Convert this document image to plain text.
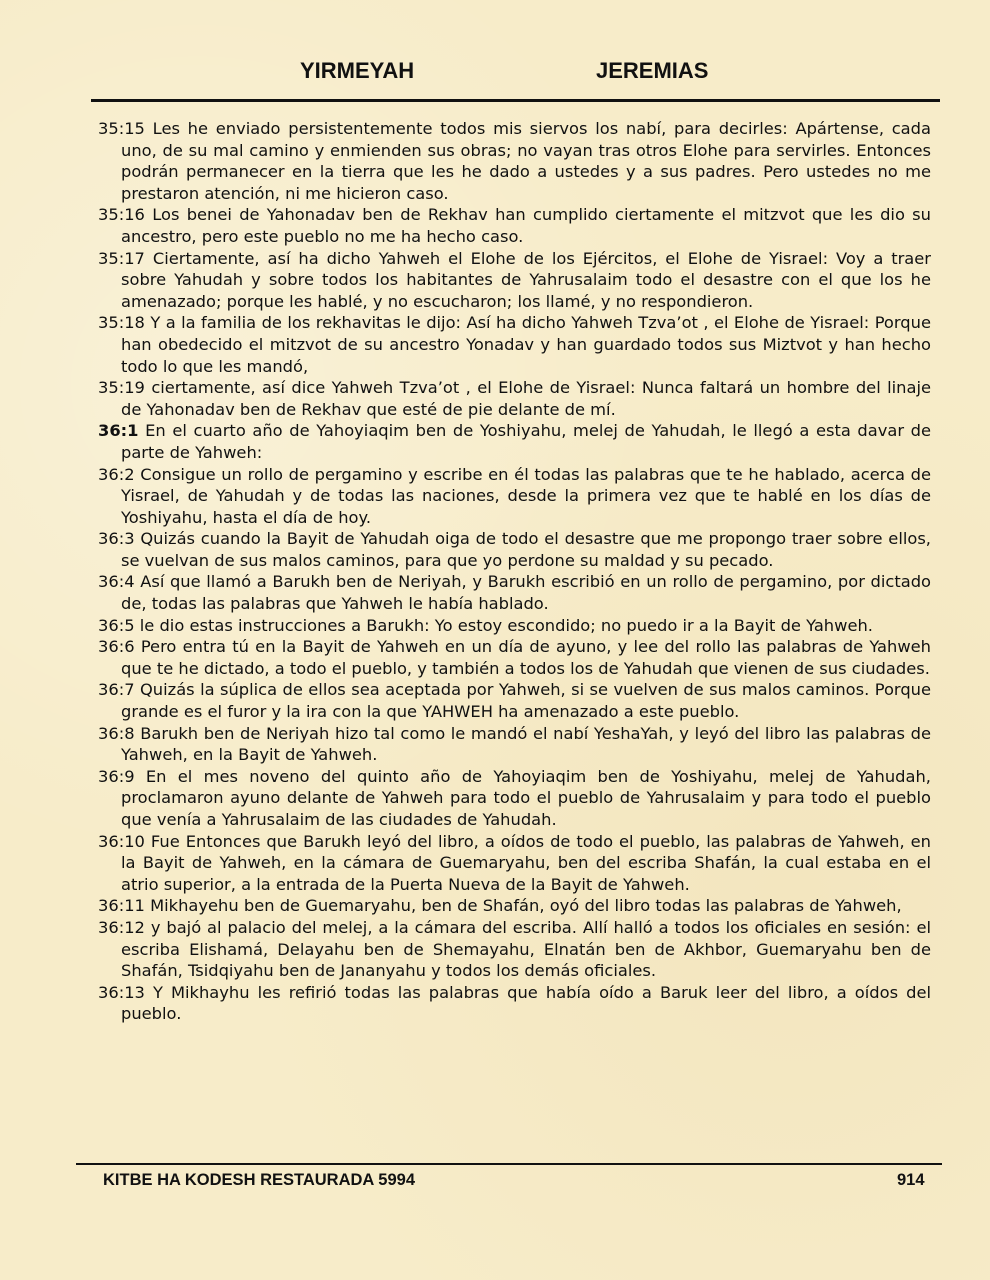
YIRMEYAH	JEREMIAS

35:15 Les he enviado persistentemente todos mis siervos los nabí, para decirles: Apártense, cada uno, de su mal camino y enmienden sus obras; no vayan tras otros Elohe para servirles. Entonces podrán permanecer en la tierra que les he dado a ustedes y a sus padres. Pero ustedes no me prestaron atención, ni me hicieron caso.

35:16 Los benei de Yahonadav ben de Rekhav han cumplido ciertamente el mitzvot que les dio su ancestro, pero este pueblo no me ha hecho caso.

35:17 Ciertamente, así ha dicho Yahweh el Elohe de los Ejércitos, el Elohe de Yisrael: Voy a traer sobre Yahudah y sobre todos los habitantes de Yahrusalaim todo el desastre con el que los he amenazado; porque les hablé, y no escucharon; los llamé, y no respondieron.

35:18 Y a la familia de los rekhavitas le dijo: Así ha dicho Yahweh Tzva’ot , el Elohe de Yisrael: Porque han obedecido el mitzvot de su ancestro Yonadav y han guardado todos sus Miztvot y han hecho todo lo que les mandó,

35:19 ciertamente, así dice Yahweh Tzva’ot , el Elohe de Yisrael: Nunca faltará un hombre del linaje de Yahonadav ben de Rekhav que esté de pie delante de mí.

36:1 En el cuarto año de Yahoyiaqim ben de Yoshiyahu, melej de Yahudah, le llegó a esta davar de parte de Yahweh:

36:2 Consigue un rollo de pergamino y escribe en él todas las palabras que te he hablado, acerca de Yisrael, de Yahudah y de todas las naciones, desde la primera vez que te hablé en los días de Yoshiyahu, hasta el día de hoy.

36:3 Quizás cuando la Bayit de Yahudah oiga de todo el desastre que me propongo traer sobre ellos, se vuelvan de sus malos caminos, para que yo perdone su maldad y su pecado.

36:4 Así que llamó a Barukh ben de Neriyah, y Barukh escribió en un rollo de pergamino, por dictado de, todas las palabras que Yahweh le había hablado.

36:5 le dio estas instrucciones a Barukh: Yo estoy escondido; no puedo ir a la Bayit de Yahweh.

36:6 Pero entra tú en la Bayit de Yahweh en un día de ayuno, y lee del rollo las palabras de Yahweh que te he dictado, a todo el pueblo, y también a todos los de Yahudah que vienen de sus ciudades.

36:7 Quizás la súplica de ellos sea aceptada por Yahweh, si se vuelven de sus malos caminos. Porque grande es el furor y la ira con la que YAHWEH ha amenazado a este pueblo.

36:8 Barukh ben de Neriyah hizo tal como le mandó el nabí YeshaYah, y leyó del libro las palabras de Yahweh, en la Bayit de Yahweh.

36:9 En el mes noveno del quinto año de Yahoyiaqim ben de Yoshiyahu, melej de Yahudah, proclamaron ayuno delante de Yahweh para todo el pueblo de Yahrusalaim y para todo el pueblo que venía a Yahrusalaim de las ciudades de Yahudah.

36:10 Fue Entonces que Barukh leyó del libro, a oídos de todo el pueblo, las palabras de Yahweh, en la Bayit de Yahweh, en la cámara de Guemaryahu, ben del escriba Shafán, la cual estaba en el atrio superior, a la entrada de la Puerta Nueva de la Bayit de Yahweh.

36:11 Mikhayehu ben de Guemaryahu, ben de Shafán, oyó del libro todas las palabras de Yahweh,

36:12 y bajó al palacio del melej, a la cámara del escriba. Allí halló a todos los oficiales en sesión: el escriba Elishamá, Delayahu ben de Shemayahu, Elnatán ben de Akhbor, Guemaryahu ben de Shafán, Tsidqiyahu ben de Jananyahu y todos los demás oficiales.

36:13 Y Mikhayhu les refirió todas las palabras que había oído a Baruk leer del libro, a oídos del pueblo.

KITBE HA KODESH RESTAURADA 5994	914
